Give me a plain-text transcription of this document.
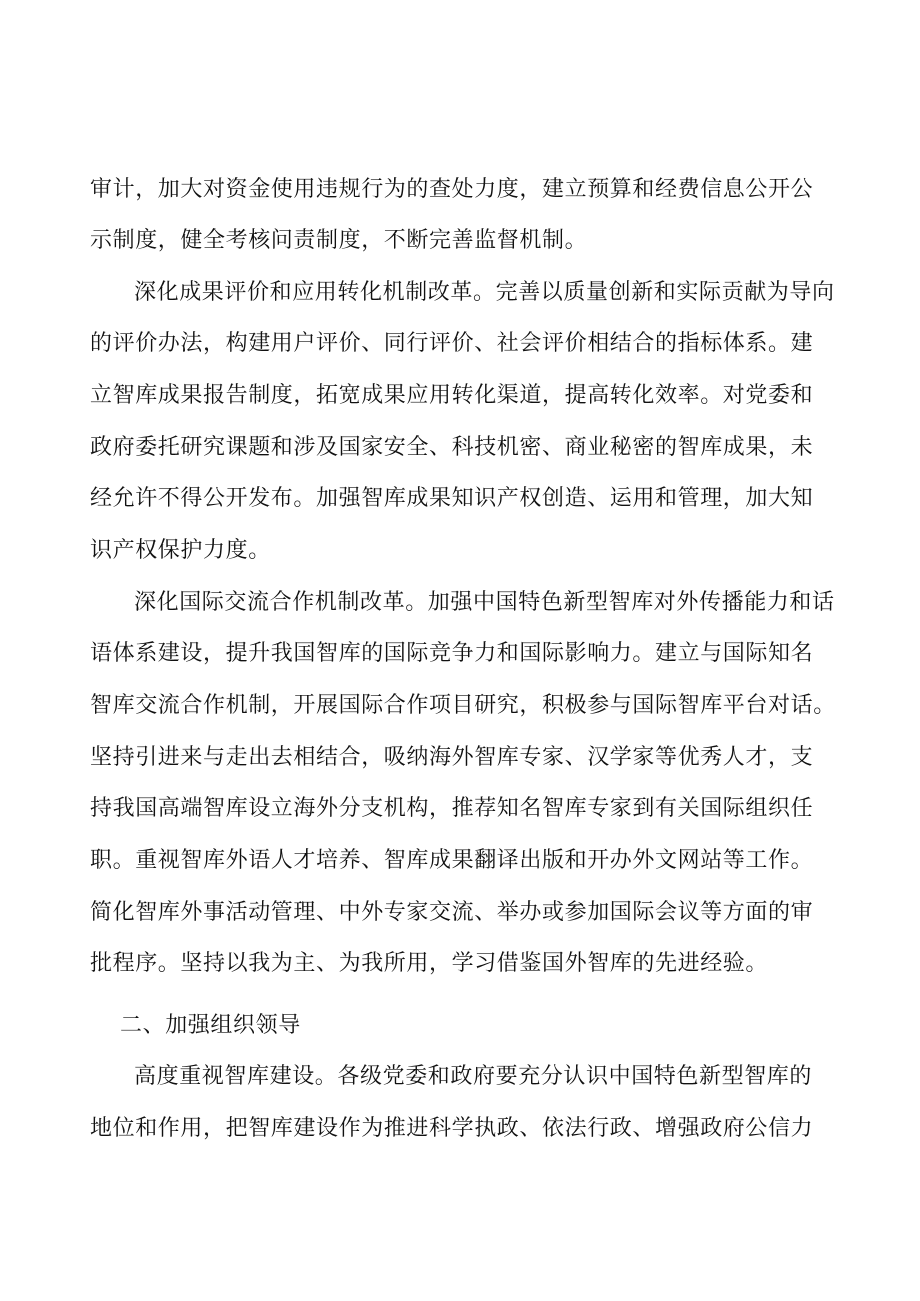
审计，加大对资金使用违规行为的查处力度，建立预算和经费信息公开公
示制度，健全考核问责制度，不断完善监督机制。
深化成果评价和应用转化机制改革。完善以质量创新和实际贡献为导向
的评价办法，构建用户评价、同行评价、社会评价相结合的指标体系。建
立智库成果报告制度，拓宽成果应用转化渠道，提高转化效率。对党委和
政府委托研究课题和涉及国家安全、科技机密、商业秘密的智库成果，未
经允许不得公开发布。加强智库成果知识产权创造、运用和管理，加大知
识产权保护力度。
深化国际交流合作机制改革。加强中国特色新型智库对外传播能力和话
语体系建设，提升我国智库的国际竞争力和国际影响力。建立与国际知名
智库交流合作机制，开展国际合作项目研究，积极参与国际智库平台对话。
坚持引进来与走出去相结合，吸纳海外智库专家、汉学家等优秀人才，支
持我国高端智库设立海外分支机构，推荐知名智库专家到有关国际组织任
职。重视智库外语人才培养、智库成果翻译出版和开办外文网站等工作。
简化智库外事活动管理、中外专家交流、举办或参加国际会议等方面的审
批程序。坚持以我为主、为我所用，学习借鉴国外智库的先进经验。
二、加强组织领导
高度重视智库建设。各级党委和政府要充分认识中国特色新型智库的
地位和作用，把智库建设作为推进科学执政、依法行政、增强政府公信力
